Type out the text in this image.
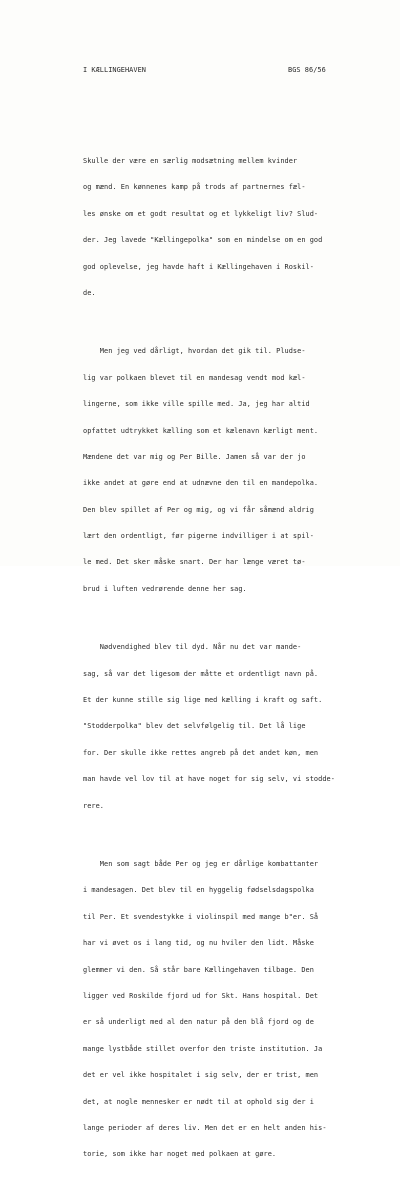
I KÆLLINGEHAVEN	BGS 86/56

Skulle der være en særlig modsætning mellem kvinder

og mænd. En kønnenes kamp på trods af partnernes fæl-

les ønske om et godt resultat og et lykkeligt liv? Slud-

der. Jeg lavede "Kællingepolka" som en mindelse om en god

god oplevelse, jeg havde haft i Kællingehaven i Roskil-

de.

Men jeg ved dårligt, hvordan det gik til. Pludse-

lig var polkaen blevet til en mandesag vendt mod kæl-

lingerne, som ikke ville spille med. Ja, jeg har altid

opfattet udtrykket kælling som et kælenavn kærligt ment.

Mændene det var mig og Per Bille. Jamen så var der jo

ikke andet at gøre end at udnævne den til en mandepolka.

Den blev spillet af Per og mig, og vi får såmænd aldrig

lært den ordentligt, før pigerne indvilliger i at spil-

le med. Det sker måske snart. Der har længe været tø-

brud i luften vedrørende denne her sag.

Nødvendighed blev til dyd. Når nu det var mande-

sag, så var det ligesom der måtte et ordentligt navn på.

Et der kunne stille sig lige med kælling i kraft og saft.

"Stodderpolka" blev det selvfølgelig til. Det lå lige

for. Der skulle ikke rettes angreb på det andet køn, men

man havde vel lov til at have noget for sig selv, vi stodde-

rere.

Men som sagt både Per og jeg er dårlige kombattanter

i mandesagen. Det blev til en hyggelig fødselsdagspolka

til Per. Et svendestykke i violinspil med mange b"er. Så

har vi øvet os i lang tid, og nu hviler den lidt. Måske

glemmer vi den. Så står bare Kællingehaven tilbage. Den

ligger ved Roskilde fjord ud for Skt. Hans hospital. Det

er så underligt med al den natur på den blå fjord og de

mange lystbåde stillet overfor den triste institution. Ja

det er vel ikke hospitalet i sig selv, der er trist, men

det, at nogle mennesker er nødt til at ophold sig der i

lange perioder af deres liv. Men det er en helt anden his-

torie, som ikke har noget med polkaen at gøre.
